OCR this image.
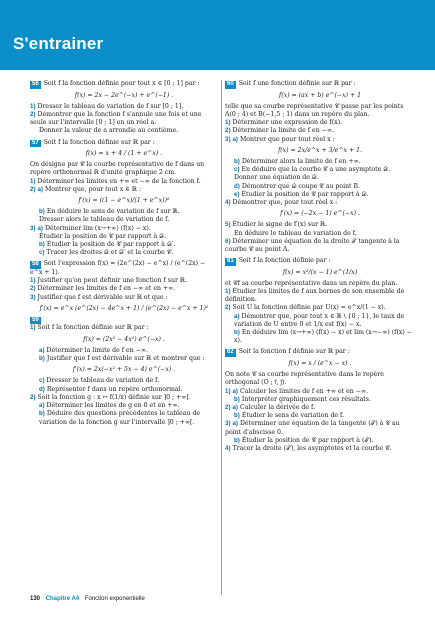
S'entrainer
56 Soit f la fonction définie pour tout x ∈ [0 ; 1] par :
f(x) = 2x − 2e^(−x) + e^(−1) .
1) Dresser le tableau de variation de f sur [0 ; 1].
2) Démontrer que la fonction f s'annule une fois et une seule sur l'intervalle [0 ; 1] en un réel a.
Donner la valeur de a arrondie au centième.
57 Soit f la fonction définie sur ℝ par :
f(x) = x + 4 / (1 + e^x) .
On désigne par 𝒞 la courbe représentative de f dans un repère orthonormal ℝ d'unité graphique 2 cm.
1) Déterminer les limites en +∞ et −∞ de la fonction f.
2) a) Montrer que, pour tout x ∈ ℝ :
f′(x) = ((1 − e^x)/(1 + e^x))²
b) En déduire le sens de variation de f sur ℝ.
Dresser alors le tableau de variation de f.
3) a) Déterminer lim (x→+∞) (f(x) − x).
Étudier la position de 𝒞 par rapport à 𝒟.
b) Étudier la position de 𝒞 par rapport à 𝒟′.
c) Tracer les droites 𝒟 et 𝒟′ et la courbe 𝒞.
58 Soit l'expression f(x) = (2e^(2x) − e^x) / (e^(2x) − e^x + 1).
1) Justifier qu'on peut définir une fonction f sur ℝ.
2) Déterminer les limites de f en −∞ et en +∞.
3) Justifier que f est dérivable sur ℝ et que :
f′(x) = e^x (e^(2x) − 4e^x + 1) / (e^(2x) − e^x + 1)²
59
1) Soit f la fonction définie sur ℝ par :
f(x) = (2x³ − 4x²) e^(−x) .
a) Déterminer la limite de f en −∞.
b) Justifier que f est dérivable sur ℝ et montrer que :
f′(x) = 2x(−x² + 5x − 4) e^(−x) .
c) Dresser le tableau de variation de f.
d) Représenter f dans un repère orthonormal.
2) Soit la fonction g : x ↦ f(1/x) définie sur ]0 ; +∞[.
a) Déterminer les limites de g en 0 et en +∞.
b) Déduire des questions précédentes le tableau de variation de la fonction g sur l'intervalle ]0 ; +∞[.
60 Soit f une fonction définie sur ℝ par :
f(x) = (ax + b) e^(−x) + 1
telle que sa courbe représentative 𝒞 passe par les points A(0 ; 4) et B(−1,5 ; 1) dans un repère du plan.
1) Déterminer une expression de f(x).
2) Déterminer la limite de f en −∞.
3) a) Montrer que pour tout réel x :
f(x) = 2x/e^x + 3/e^x + 1.
b) Déterminer alors la limite de f en +∞.
c) En déduire que la courbe 𝒞 a une asymptote 𝒟.
Donner une équation de 𝒟.
d) Démontrer que 𝒟 coupe 𝒞 au point B.
e) Étudier la position de 𝒞 par rapport à 𝒟.
4) Démontrer que, pour tout réel x :
f′(x) = (−2x − 1) e^(−x) .
5) Étudier le signe de f′(x) sur ℝ.
En déduire le tableau de variation de f.
6) Déterminer une équation de la droite 𝒯 tangente à la courbe 𝒞 au point A.
61 Soit f la fonction définie par :
f(x) = x²/(x − 1) e^(1/x)
et 𝒞f sa courbe représentative dans un repère du plan.
1) Étudier les limites de f aux bornes de son ensemble de définition.
2) Soit U la fonction définie par U(x) = e^x/(1 − x).
a) Démontrer que, pour tout x ∈ ℝ \ {0 ; 1}, le taux de variation de U entre 0 et 1/x est f(x) − x.
b) En déduire lim (x→+∞) (f(x) − x) et lim (x→−∞) (f(x) − x).
62 Soit la fonction f définie sur ℝ par :
f(x) = x / (e^x − x) .
On note 𝒞 sa courbe représentative dans le repère orthogonal (O ; i⃗, j⃗).
1) a) Calculer les limites de f en +∞ et en −∞.
b) Interpréter graphiquement ces résultats.
2) a) Calculer la dérivée de f.
b) Étudier le sens de variation de f.
3) a) Déterminer une équation de la tangente (𝒯) à 𝒞 au point d'abscisse 0.
b) Étudier la position de 𝒞 par rapport à (𝒯).
4) Tracer la droite (𝒯), les asymptotes et la courbe 𝒞.
130 Chapitre A4 Fonction exponentielle
